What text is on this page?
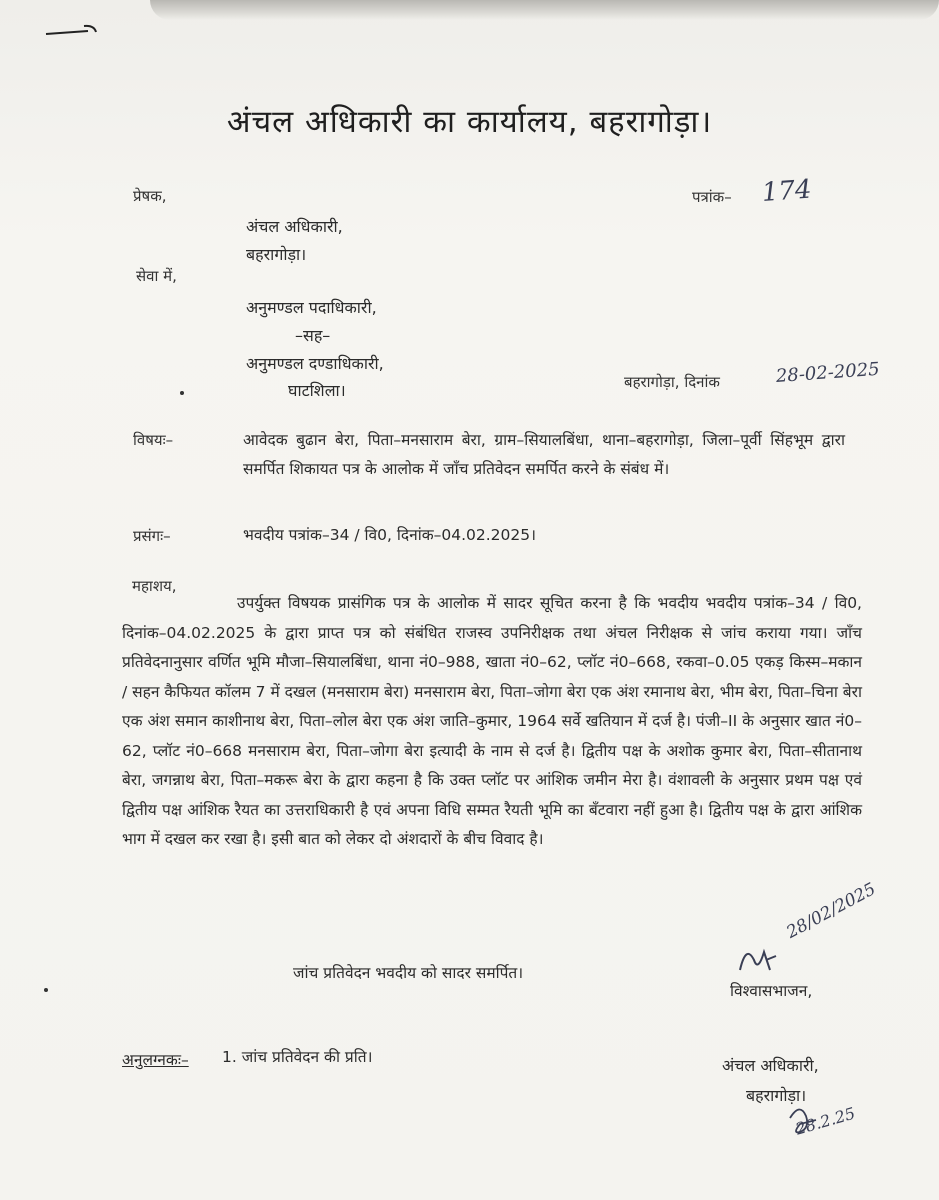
अंचल अधिकारी का कार्यालय, बहरागोड़ा।
प्रेषक,
अंचल अधिकारी,
बहरागोड़ा।
पत्रांक– 174
सेवा में,
अनुमण्डल पदाधिकारी,
–सह–
अनुमण्डल दण्डाधिकारी,
घाटशिला।	बहरागोड़ा, दिनांक	28-02-2025
विषयः–	आवेदक बुढान बेरा, पिता–मनसाराम बेरा, ग्राम–सियालबिंधा, थाना–बहरागोड़ा, जिला–पूर्वी सिंहभूम द्वारा समर्पित शिकायत पत्र के आलोक में जाँच प्रतिवेदन समर्पित करने के संबंध में।
प्रसंगः–	भवदीय पत्रांक–34 / वि0, दिनांक–04.02.2025।
महाशय,
उपर्युक्त विषयक प्रासंगिक पत्र के आलोक में सादर सूचित करना है कि भवदीय भवदीय पत्रांक–34 / वि0, दिनांक–04.02.2025 के द्वारा प्राप्त पत्र को संबंधित राजस्व उपनिरीक्षक तथा अंचल निरीक्षक से जांच कराया गया। जाँच प्रतिवेदनानुसार वर्णित भूमि मौजा–सियालबिंधा, थाना नं0–988, खाता नं0–62, प्लॉट नं0–668, रकवा–0.05 एकड़ किस्म–मकान / सहन कैफियत कॉलम 7 में दखल (मनसाराम बेरा) मनसाराम बेरा, पिता–जोगा बेरा एक अंश रमानाथ बेरा, भीम बेरा, पिता–चिना बेरा एक अंश समान काशीनाथ बेरा, पिता–लोल बेरा एक अंश जाति–कुमार, 1964 सर्वे खतियान में दर्ज है। पंजी–II के अनुसार खात नं0–62, प्लॉट नं0–668 मनसाराम बेरा, पिता–जोगा बेरा इत्यादी के नाम से दर्ज है। द्वितीय पक्ष के अशोक कुमार बेरा, पिता–सीतानाथ बेरा, जगन्नाथ बेरा, पिता–मकरू बेरा के द्वारा कहना है कि उक्त प्लॉट पर आंशिक जमीन मेरा है। वंशावली के अनुसार प्रथम पक्ष एवं द्वितीय पक्ष आंशिक रैयत का उत्तराधिकारी है एवं अपना विधि सम्मत रैयती भूमि का बँटवारा नहीं हुआ है। द्वितीय पक्ष के द्वारा आंशिक भाग में दखल कर रखा है। इसी बात को लेकर दो अंशदारों के बीच विवाद है।
जांच प्रतिवेदन भवदीय को सादर समर्पित।
28/02/2025
विश्वासभाजन,
अनुलग्नकः– 1. जांच प्रतिवेदन की प्रति।	अंचल अधिकारी,
बहरागोड़ा।
28.2.25
